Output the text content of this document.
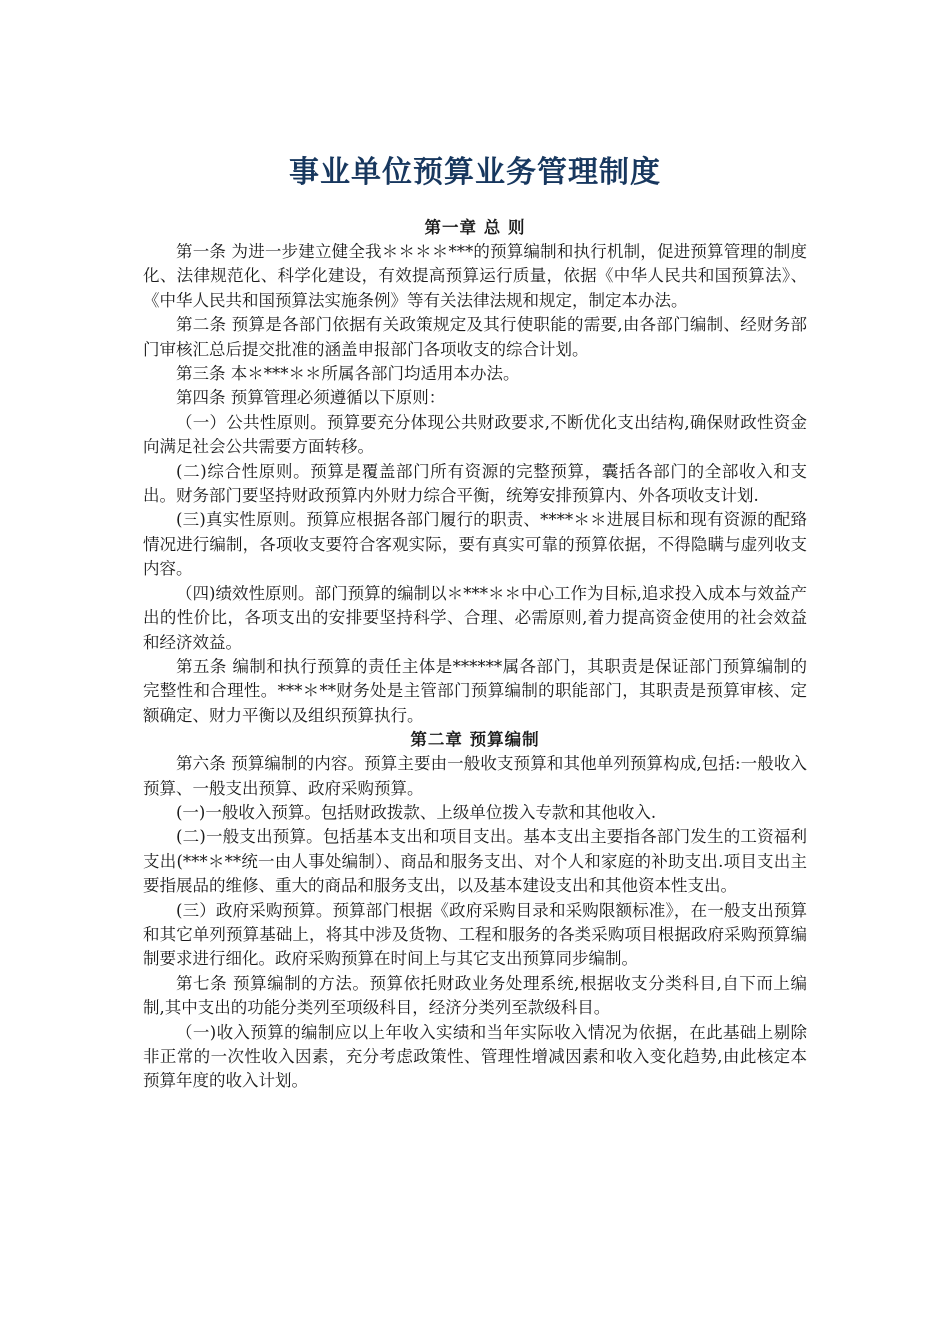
事业单位预算业务管理制度
第一章 总 则

第一条 为进一步建立健全我＊＊＊＊***的预算编制和执行机制，促进预算管理的制度化、法律规范化、科学化建设，有效提高预算运行质量，依据《中华人民共和国预算法》、《中华人民共和国预算法实施条例》等有关法律法规和规定，制定本办法。

第二条 预算是各部门依据有关政策规定及其行使职能的需要,由各部门编制、经财务部门审核汇总后提交批准的涵盖申报部门各项收支的综合计划。

第三条 本＊***＊＊所属各部门均适用本办法。

第四条 预算管理必须遵循以下原则：

（一）公共性原则。预算要充分体现公共财政要求,不断优化支出结构,确保财政性资金向满足社会公共需要方面转移。

(二)综合性原则。预算是覆盖部门所有资源的完整预算，囊括各部门的全部收入和支出。财务部门要坚持财政预算内外财力综合平衡，统筹安排预算内、外各项收支计划.

(三)真实性原则。预算应根据各部门履行的职责、****＊＊进展目标和现有资源的配臵情况进行编制，各项收支要符合客观实际，要有真实可靠的预算依据，不得隐瞒与虚列收支内容。

（四)绩效性原则。部门预算的编制以＊***＊＊中心工作为目标,追求投入成本与效益产出的性价比，各项支出的安排要坚持科学、合理、必需原则,着力提高资金使用的社会效益和经济效益。

第五条 编制和执行预算的责任主体是******属各部门，其职责是保证部门预算编制的完整性和合理性。***＊**财务处是主管部门预算编制的职能部门，其职责是预算审核、定额确定、财力平衡以及组织预算执行。

第二章 预算编制

第六条 预算编制的内容。预算主要由一般收支预算和其他单列预算构成,包括:一般收入预算、一般支出预算、政府采购预算。

(一)一般收入预算。包括财政拨款、上级单位拨入专款和其他收入.

(二)一般支出预算。包括基本支出和项目支出。基本支出主要指各部门发生的工资福利支出(***＊**统一由人事处编制）、商品和服务支出、对个人和家庭的补助支出.项目支出主要指展品的维修、重大的商品和服务支出，以及基本建设支出和其他资本性支出。

(三）政府采购预算。预算部门根据《政府采购目录和采购限额标准》，在一般支出预算和其它单列预算基础上，将其中涉及货物、工程和服务的各类采购项目根据政府采购预算编制要求进行细化。政府采购预算在时间上与其它支出预算同步编制。

第七条 预算编制的方法。预算依托财政业务处理系统,根据收支分类科目,自下而上编制,其中支出的功能分类列至项级科目，经济分类列至款级科目。

（一)收入预算的编制应以上年收入实绩和当年实际收入情况为依据，在此基础上剔除非正常的一次性收入因素，充分考虑政策性、管理性增减因素和收入变化趋势,由此核定本预算年度的收入计划。
